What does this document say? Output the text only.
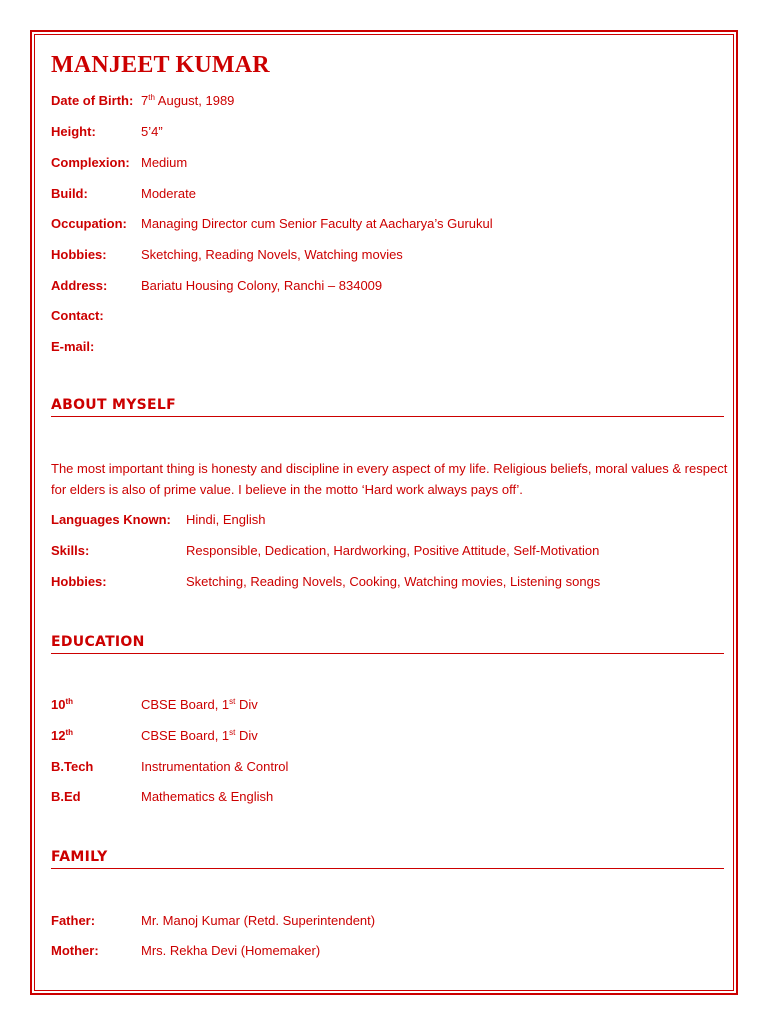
MANJEET KUMAR
Date of Birth: 7th August, 1989
Height:	5’4”
Complexion: Medium
Build:	Moderate
Occupation: Managing Director cum Senior Faculty at Aacharya’s Gurukul
Hobbies:	Sketching, Reading Novels, Watching movies
Address:	Bariatu Housing Colony, Ranchi – 834009
Contact:
E-mail:
ABOUT MYSELF
The most important thing is honesty and discipline in every aspect of my life. Religious beliefs, moral values & respect for elders is also of prime value. I believe in the motto ‘Hard work always pays off’.
Languages Known: Hindi, English
Skills:	Responsible, Dedication, Hardworking, Positive Attitude, Self-Motivation
Hobbies:	Sketching, Reading Novels, Cooking, Watching movies, Listening songs
EDUCATION
10th	CBSE Board, 1st Div
12th	CBSE Board, 1st Div
B.Tech	Instrumentation & Control
B.Ed	Mathematics & English
FAMILY
Father:	Mr. Manoj Kumar (Retd. Superintendent)
Mother:	Mrs. Rekha Devi (Homemaker)
